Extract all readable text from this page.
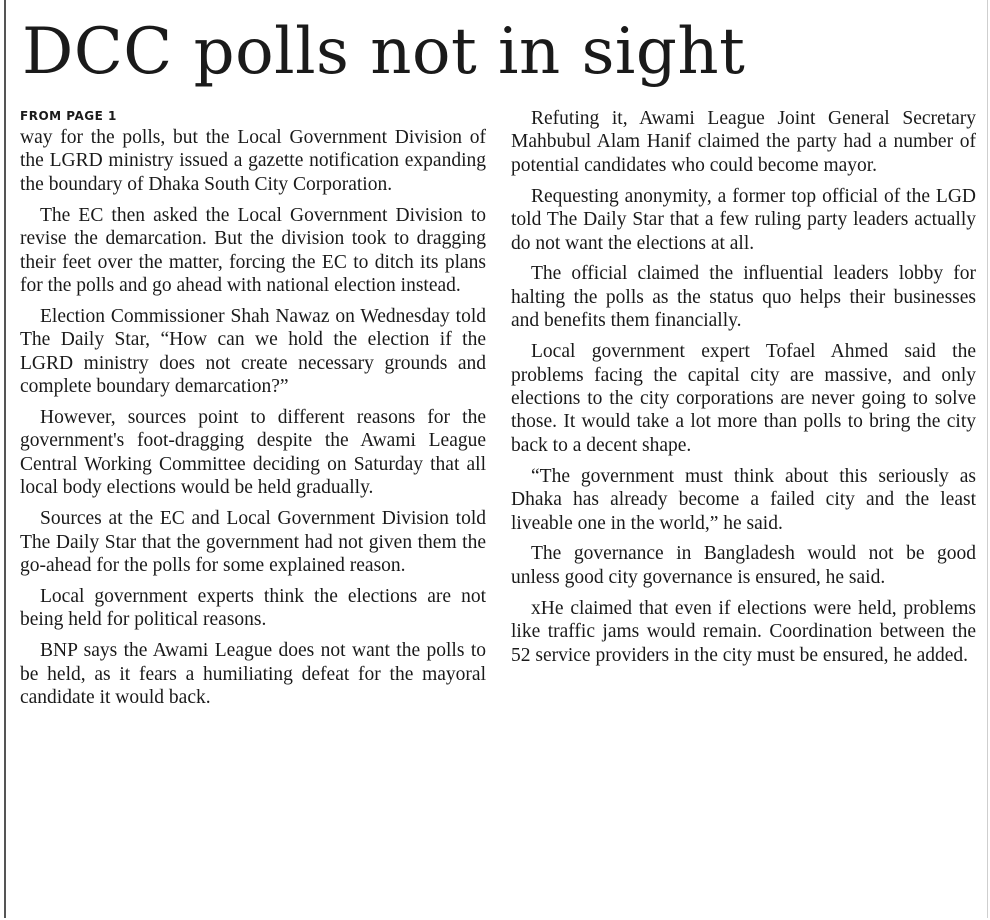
DCC polls not in sight
FROM PAGE 1

way for the polls, but the Local Government Division of the LGRD ministry issued a gazette notification expanding the boundary of Dhaka South City Corporation.

The EC then asked the Local Government Division to revise the demarcation. But the division took to dragging their feet over the matter, forcing the EC to ditch its plans for the polls and go ahead with national election instead.

Election Commissioner Shah Nawaz on Wednesday told The Daily Star, “How can we hold the election if the LGRD ministry does not create necessary grounds and complete boundary demarcation?”

However, sources point to different reasons for the government's foot-dragging despite the Awami League Central Working Committee deciding on Saturday that all local body elections would be held gradually.

Sources at the EC and Local Government Division told The Daily Star that the government had not given them the go-ahead for the polls for some explained reason.

Local government experts think the elections are not being held for political reasons.

BNP says the Awami League does not want the polls to be held, as it fears a humiliating defeat for the mayoral candidate it would back.

Refuting it, Awami League Joint General Secretary Mahbubul Alam Hanif claimed the party had a number of potential candidates who could become mayor.

Requesting anonymity, a former top official of the LGD told The Daily Star that a few ruling party leaders actually do not want the elections at all.

The official claimed the influential leaders lobby for halting the polls as the status quo helps their businesses and benefits them financially.

Local government expert Tofael Ahmed said the problems facing the capital city are massive, and only elections to the city corporations are never going to solve those. It would take a lot more than polls to bring the city back to a decent shape.

“The government must think about this seriously as Dhaka has already become a failed city and the least liveable one in the world,” he said.

The governance in Bangladesh would not be good unless good city governance is ensured, he said.

xHe claimed that even if elections were held, problems like traffic jams would remain. Coordination between the 52 service providers in the city must be ensured, he added.
